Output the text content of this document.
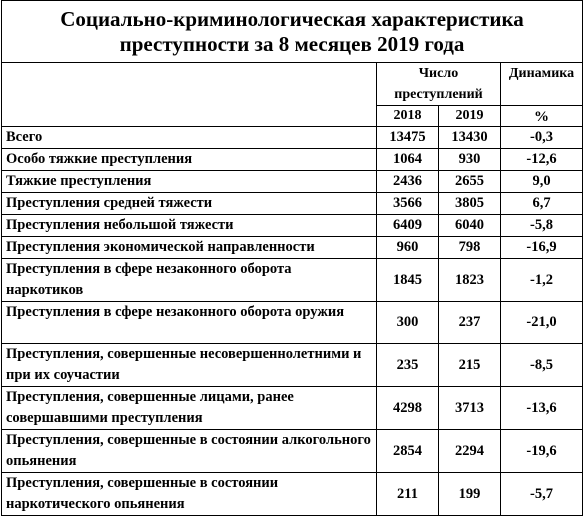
Социально-криминологическая характеристика преступности за 8 месяцев 2019 года			
	Число преступлений		Динамика
	2018	2019	%
Всего	13475	13430	-0,3
Особо тяжкие преступления	1064	930	-12,6
Тяжкие преступления	2436	2655	9,0
Преступления средней тяжести	3566	3805	6,7
Преступления небольшой тяжести	6409	6040	-5,8
Преступления экономической направленности	960	798	-16,9
Преступления в сфере незаконного оборота наркотиков	1845	1823	-1,2
Преступления в сфере незаконного оборота оружия	300	237	-21,0
Преступления, совершенные несовершеннолетними и при их соучастии	235	215	-8,5
Преступления, совершенные лицами, ранее совершавшими преступления	4298	3713	-13,6
Преступления, совершенные в состоянии алкогольного опьянения	2854	2294	-19,6
Преступления, совершенные в состоянии наркотического опьянения	211	199	-5,7
